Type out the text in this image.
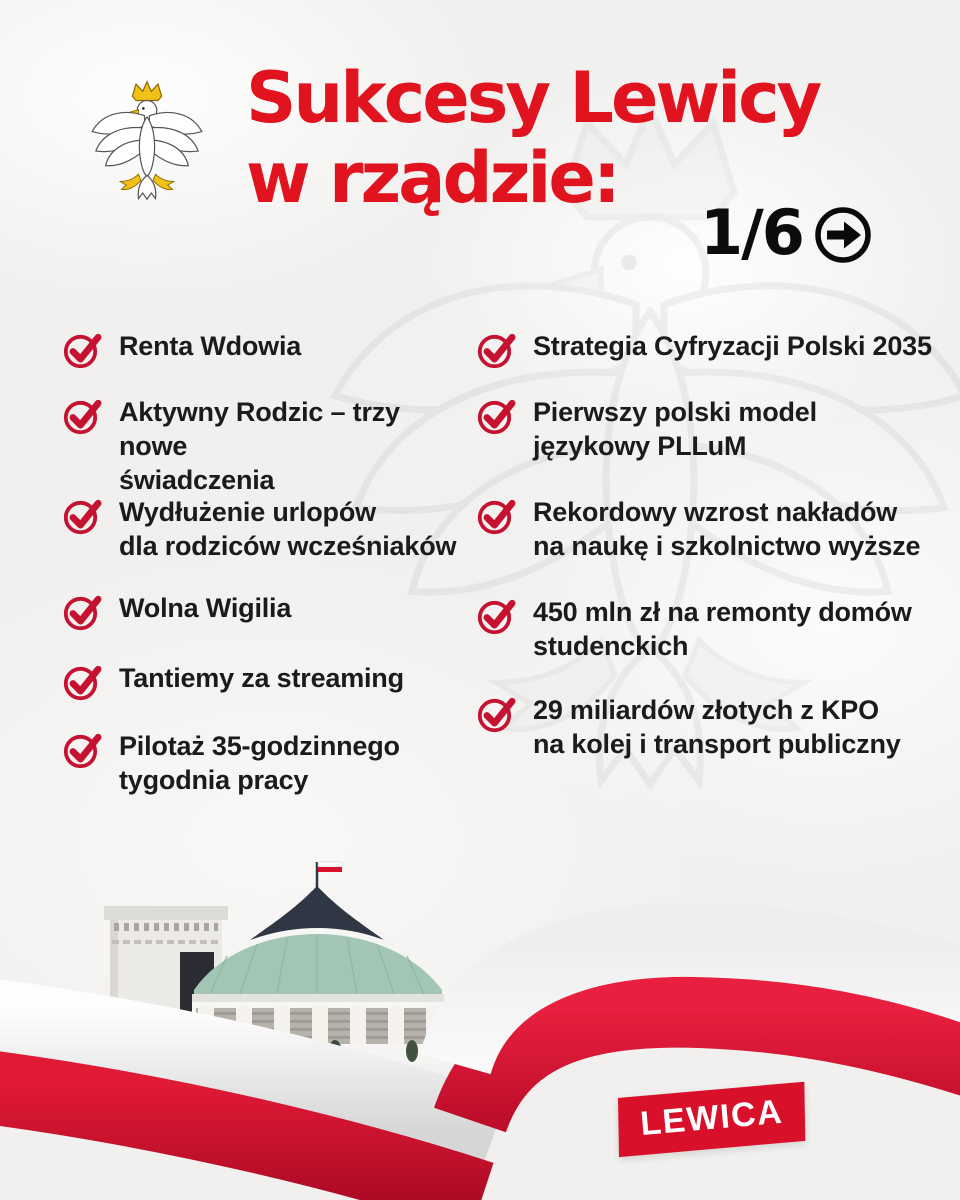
Sukcesy Lewicy
w rządzie:
1/6
Renta Wdowia
Aktywny Rodzic – trzy nowe
świadczenia
Wydłużenie urlopów
dla rodziców wcześniaków
Wolna Wigilia
Tantiemy za streaming
Pilotaż 35-godzinnego
tygodnia pracy
Strategia Cyfryzacji Polski 2035
Pierwszy polski model
językowy PLLuM
Rekordowy wzrost nakładów
na naukę i szkolnictwo wyższe
450 mln zł na remonty domów
studenckich
29 miliardów złotych z KPO
na kolej i transport publiczny
LEWICA
